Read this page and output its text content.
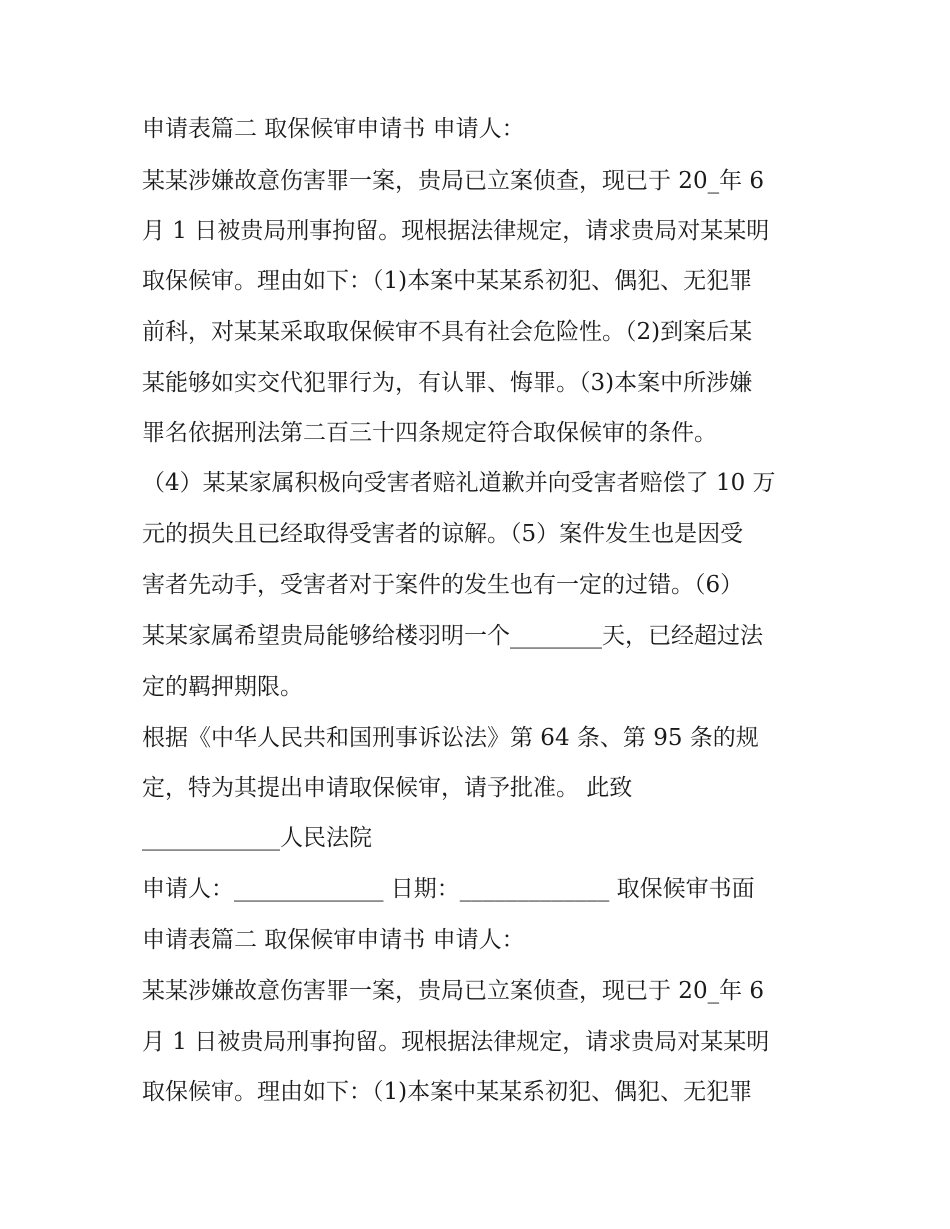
申请表篇二 取保候审申请书 申请人：
某某涉嫌故意伤害罪一案，贵局已立案侦查，现已于 20_年 6
月 1 日被贵局刑事拘留。现根据法律规定，请求贵局对某某明
取保候审。理由如下：（1)本案中某某系初犯、偶犯、无犯罪
前科，对某某采取取保候审不具有社会危险性。（2)到案后某
某能够如实交代犯罪行为，有认罪、悔罪。（3)本案中所涉嫌
罪名依据刑法第二百三十四条规定符合取保候审的条件。
（4）某某家属积极向受害者赔礼道歉并向受害者赔偿了 10 万
元的损失且已经取得受害者的谅解。（5）案件发生也是因受
害者先动手，受害者对于案件的发生也有一定的过错。（6）
某某家属希望贵局能够给楼羽明一个________天，已经超过法
定的羁押期限。
根据《中华人民共和国刑事诉讼法》第 64 条、第 95 条的规
定，特为其提出申请取保候审，请予批准。 此致
____________人民法院
申请人：_____________ 日期：_____________ 取保候审书面
申请表篇二 取保候审申请书 申请人：
某某涉嫌故意伤害罪一案，贵局已立案侦查，现已于 20_年 6
月 1 日被贵局刑事拘留。现根据法律规定，请求贵局对某某明
取保候审。理由如下：（1)本案中某某系初犯、偶犯、无犯罪
